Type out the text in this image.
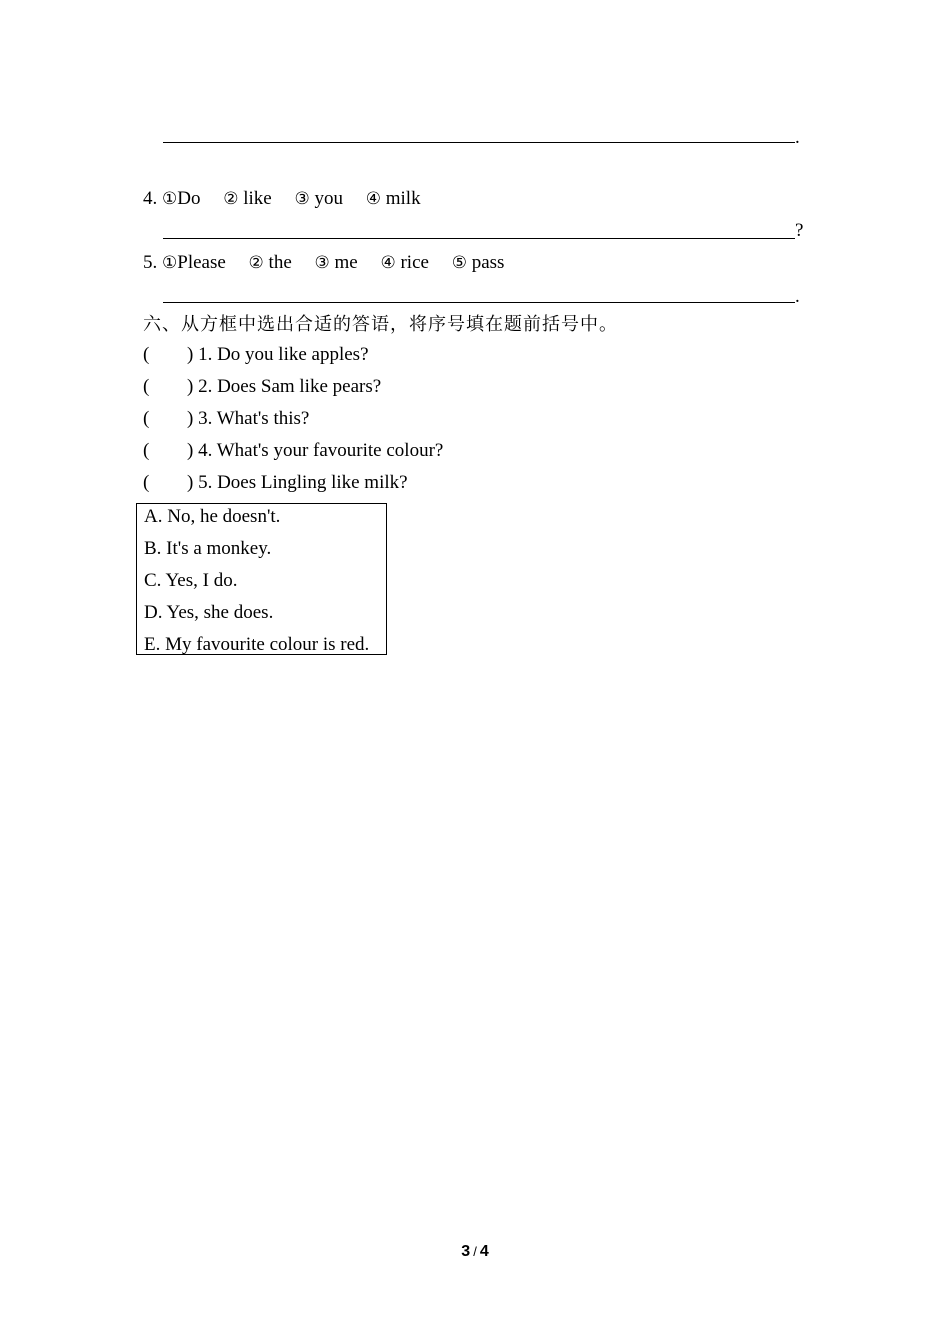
.
4. ①Do ② like ③ you ④ milk
?
5. ①Please ② the ③ me ④ rice ⑤ pass
.
六、从方框中选出合适的答语，将序号填在题前括号中。
( ) 1. Do you like apples?
( ) 2. Does Sam like pears?
( ) 3. What's this?
( ) 4. What's your favourite colour?
( ) 5. Does Lingling like milk?
A. No, he doesn't.
B. It's a monkey.
C. Yes, I do.
D. Yes, she does.
E. My favourite colour is red.
3 / 4
